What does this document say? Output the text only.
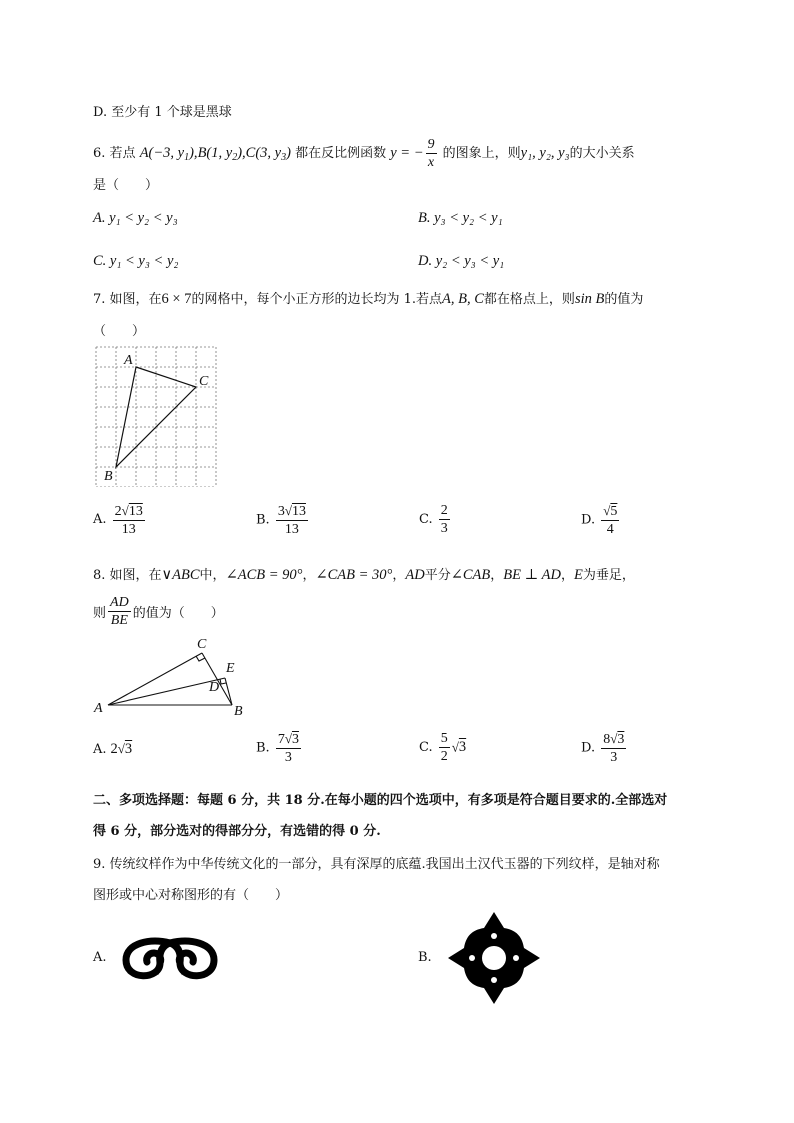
D. 至少有 1 个球是黑球
6. 若点 A(−3, $y_1),B(1$, $y_2),C(3$, $y_3$) 都在反比例函数 y = − $\frac{9}{x}$ 的图象上，则y₁, y₂, y₃的大小关系
是（　　）
A. y₁ < y₂ < y₃	B. y₃ < y₂ < y₁
C. y₁ < y₃ < y₂	D. y₂ < y₃ < y₁
7. 如图，在6 × 7的网格中，每个小正方形的边长均为 1.若点A, B, C都在格点上，则sin B的值为
（　　）
A
C
B
A. $\frac{2√13}{13}$	B. $\frac{3√13}{13}$	C. $\frac{2}{3}$	D. $\frac{√5}{4}$
8. 如图，在∨ABC中，∠ACB = 90°，∠CAB = 30°，AD平分∠CAB，BE ⊥ AD，E为垂足，
则 $\frac{AD}{BE}$ 的值为（　　）
A	B
C
D
E
A. 2√3	B. $\frac{7√3}{3}$	C. $\frac{5}{2} √3$	D. $\frac{8√3}{3}$
二、多项选择题：每题 6 分，共 18 分.在每小题的四个选项中，有多项是符合题目要求的.全部选对
得 6 分，部分选对的得部分分，有选错的得 0 分.
9. 传统纹样作为中华传统文化的一部分，具有深厚的底蕴.我国出土汉代玉器的下列纹样，是轴对称
图形或中心对称图形的有（　　）
A.	B.
